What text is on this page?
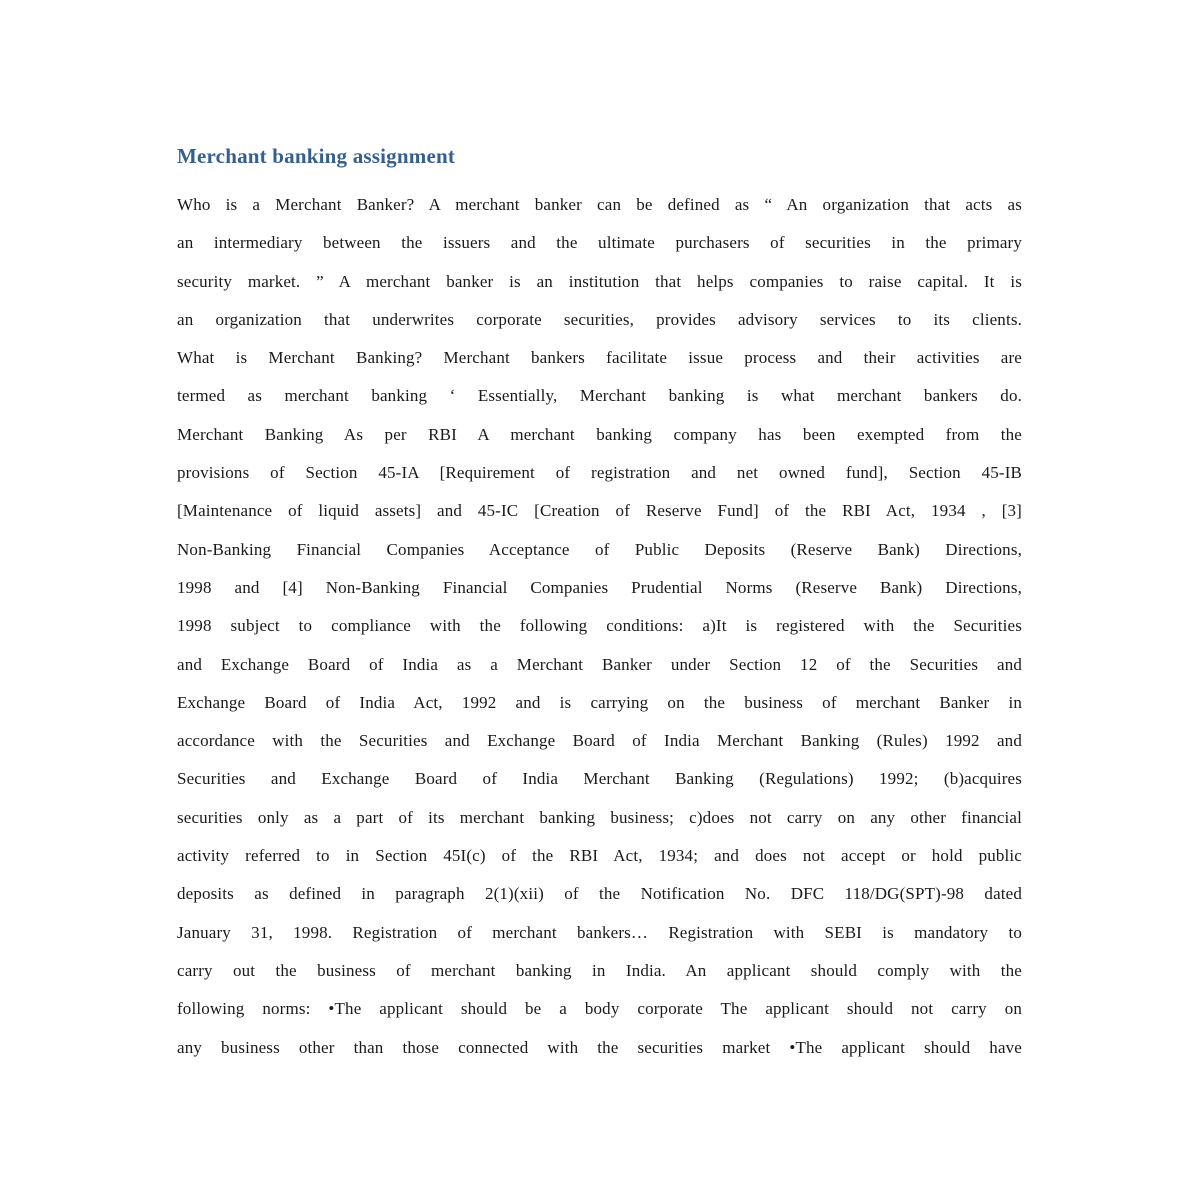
Merchant banking assignment
Who is a Merchant Banker? A merchant banker can be defined as “ An organization that acts as
an intermediary between the issuers and the ultimate purchasers of securities in the primary
security market. ” A merchant banker is an institution that helps companies to raise capital. It is
an organization that underwrites corporate securities, provides advisory services to its clients.
What is Merchant Banking? Merchant bankers facilitate issue process and their activities are
termed as merchant banking ‘ Essentially, Merchant banking is what merchant bankers do.
Merchant Banking As per RBI A merchant banking company has been exempted from the
provisions of Section 45-IA [Requirement of registration and net owned fund], Section 45-IB
[Maintenance of liquid assets] and 45-IC [Creation of Reserve Fund] of the RBI Act, 1934 , [3]
Non-Banking Financial Companies Acceptance of Public Deposits (Reserve Bank) Directions,
1998 and [4] Non-Banking Financial Companies Prudential Norms (Reserve Bank) Directions,
1998 subject to compliance with the following conditions: a)It is registered with the Securities
and Exchange Board of India as a Merchant Banker under Section 12 of the Securities and
Exchange Board of India Act, 1992 and is carrying on the business of merchant Banker in
accordance with the Securities and Exchange Board of India Merchant Banking (Rules) 1992 and
Securities and Exchange Board of India Merchant Banking (Regulations) 1992; (b)acquires
securities only as a part of its merchant banking business; c)does not carry on any other financial
activity referred to in Section 45I(c) of the RBI Act, 1934; and does not accept or hold public
deposits as defined in paragraph 2(1)(xii) of the Notification No. DFC 118/DG(SPT)-98 dated
January 31, 1998. Registration of merchant bankers… Registration with SEBI is mandatory to
carry out the business of merchant banking in India. An applicant should comply with the
following norms: •The applicant should be a body corporate The applicant should not carry on
any business other than those connected with the securities market •The applicant should have
